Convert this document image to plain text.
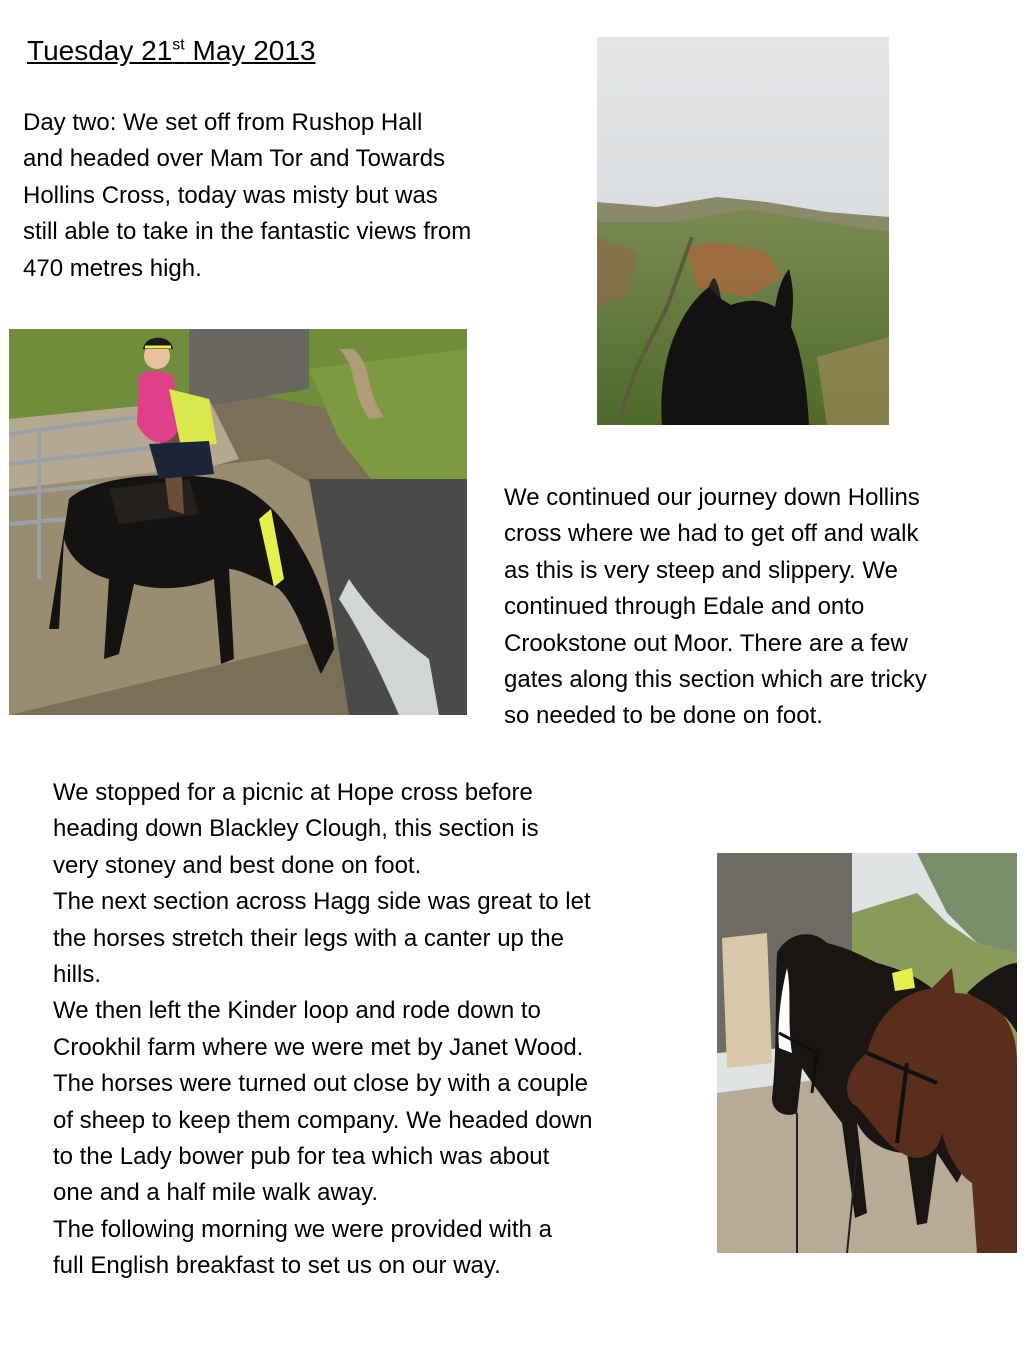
Tuesday 21st May 2013
Day two: We set off from Rushop Hall
and headed over Mam Tor and Towards
Hollins Cross, today was misty but was
still able to take in the fantastic views from
470 metres high.
We continued our journey down Hollins
cross where we had to get off and walk
as this is very steep and slippery. We
continued through Edale and onto
Crookstone out Moor. There are a few
gates along this section which are tricky
so needed to be done on foot.
We stopped for a picnic at Hope cross before
heading down Blackley Clough, this section is
very stoney and best done on foot.
The next section across Hagg side was great to let
the horses stretch their legs with a canter up the
hills.
We then left the Kinder loop and rode down to
Crookhil farm where we were met by Janet Wood.
The horses were turned out close by with a couple
of sheep to keep them company. We headed down
to the Lady bower pub for tea which was about
one and a half mile walk away.
The following morning we were provided with a
full English breakfast to set us on our way.
